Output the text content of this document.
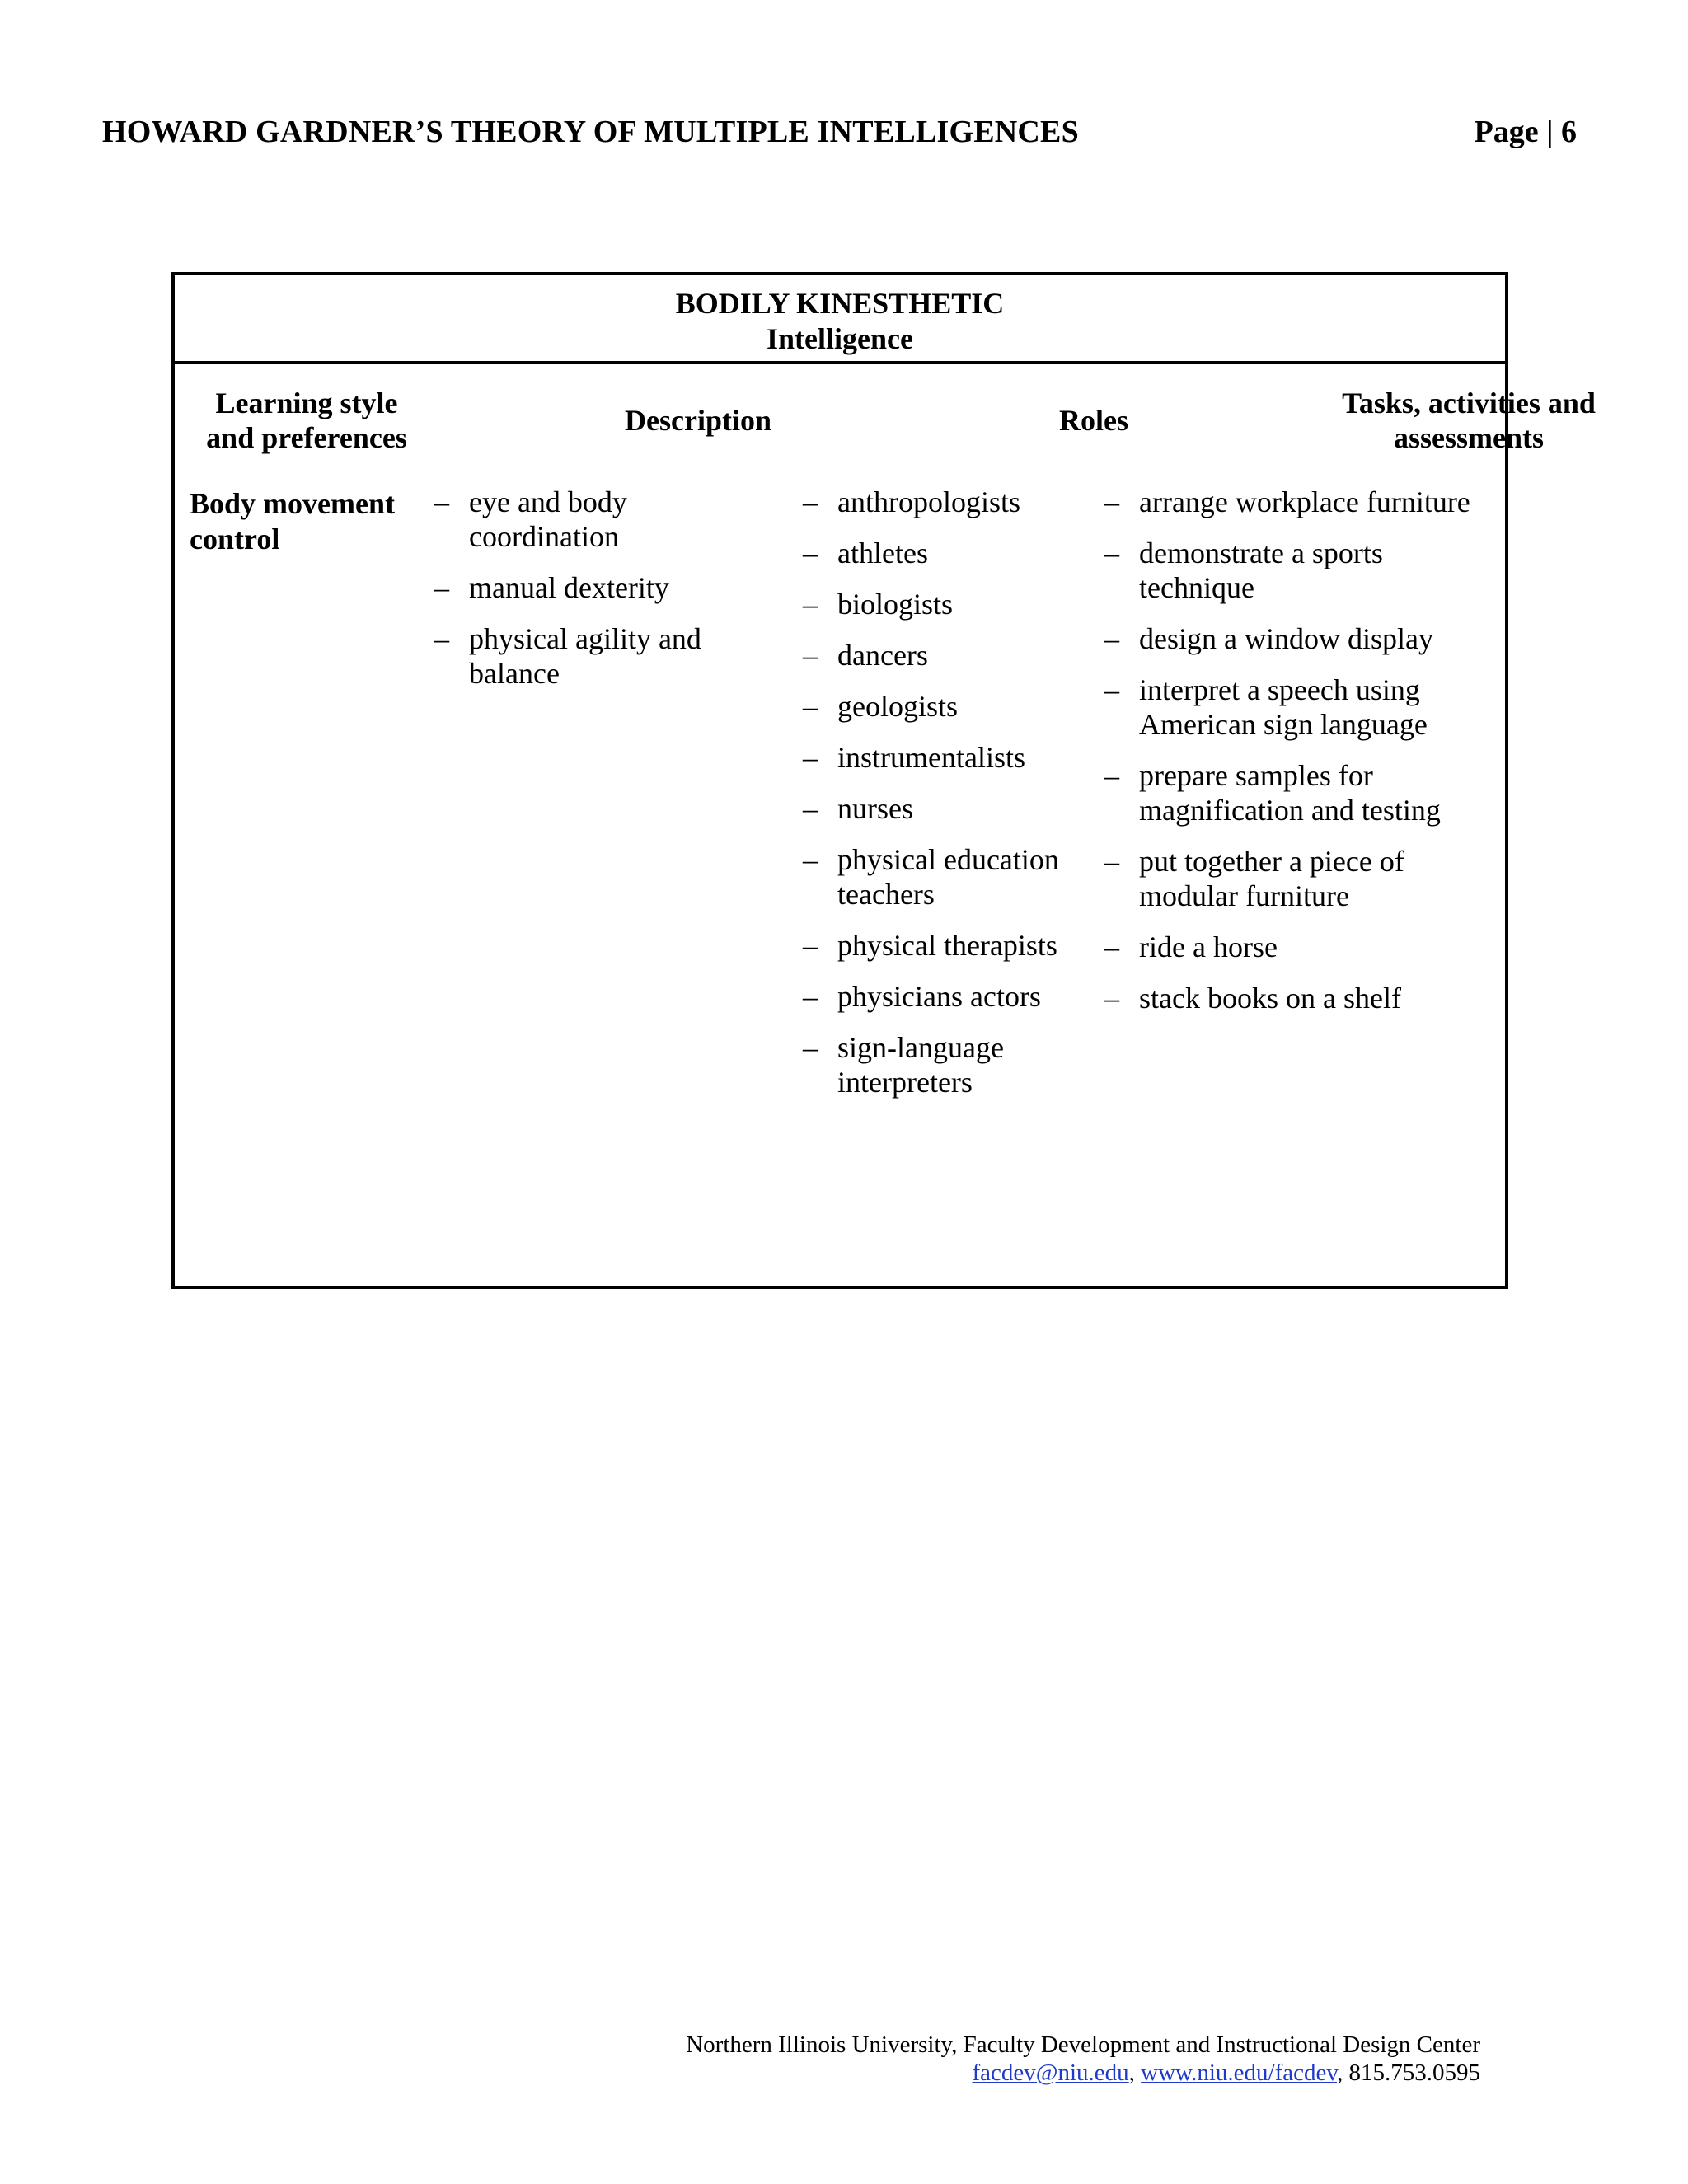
HOWARD GARDNER’S THEORY OF MULTIPLE INTELLIGENCES	Page | 6
BODILY KINESTHETIC
Intelligence
Learning style
and preferences
Description	Roles
Tasks, activities and
assessments
Body movement
control
– eye and body coordination
– manual dexterity
– physical agility and balance
– anthropologists
– athletes
– biologists
– dancers
– geologists
– instrumentalists
– nurses
– physical education teachers
– physical therapists
– physicians actors
– sign-language interpreters
– arrange workplace furniture
– demonstrate a sports technique
– design a window display
– interpret a speech using American sign language
– prepare samples for magnification and testing
– put together a piece of modular furniture
– ride a horse
– stack books on a shelf
Northern Illinois University, Faculty Development and Instructional Design Center
facdev@niu.edu, www.niu.edu/facdev, 815.753.0595
